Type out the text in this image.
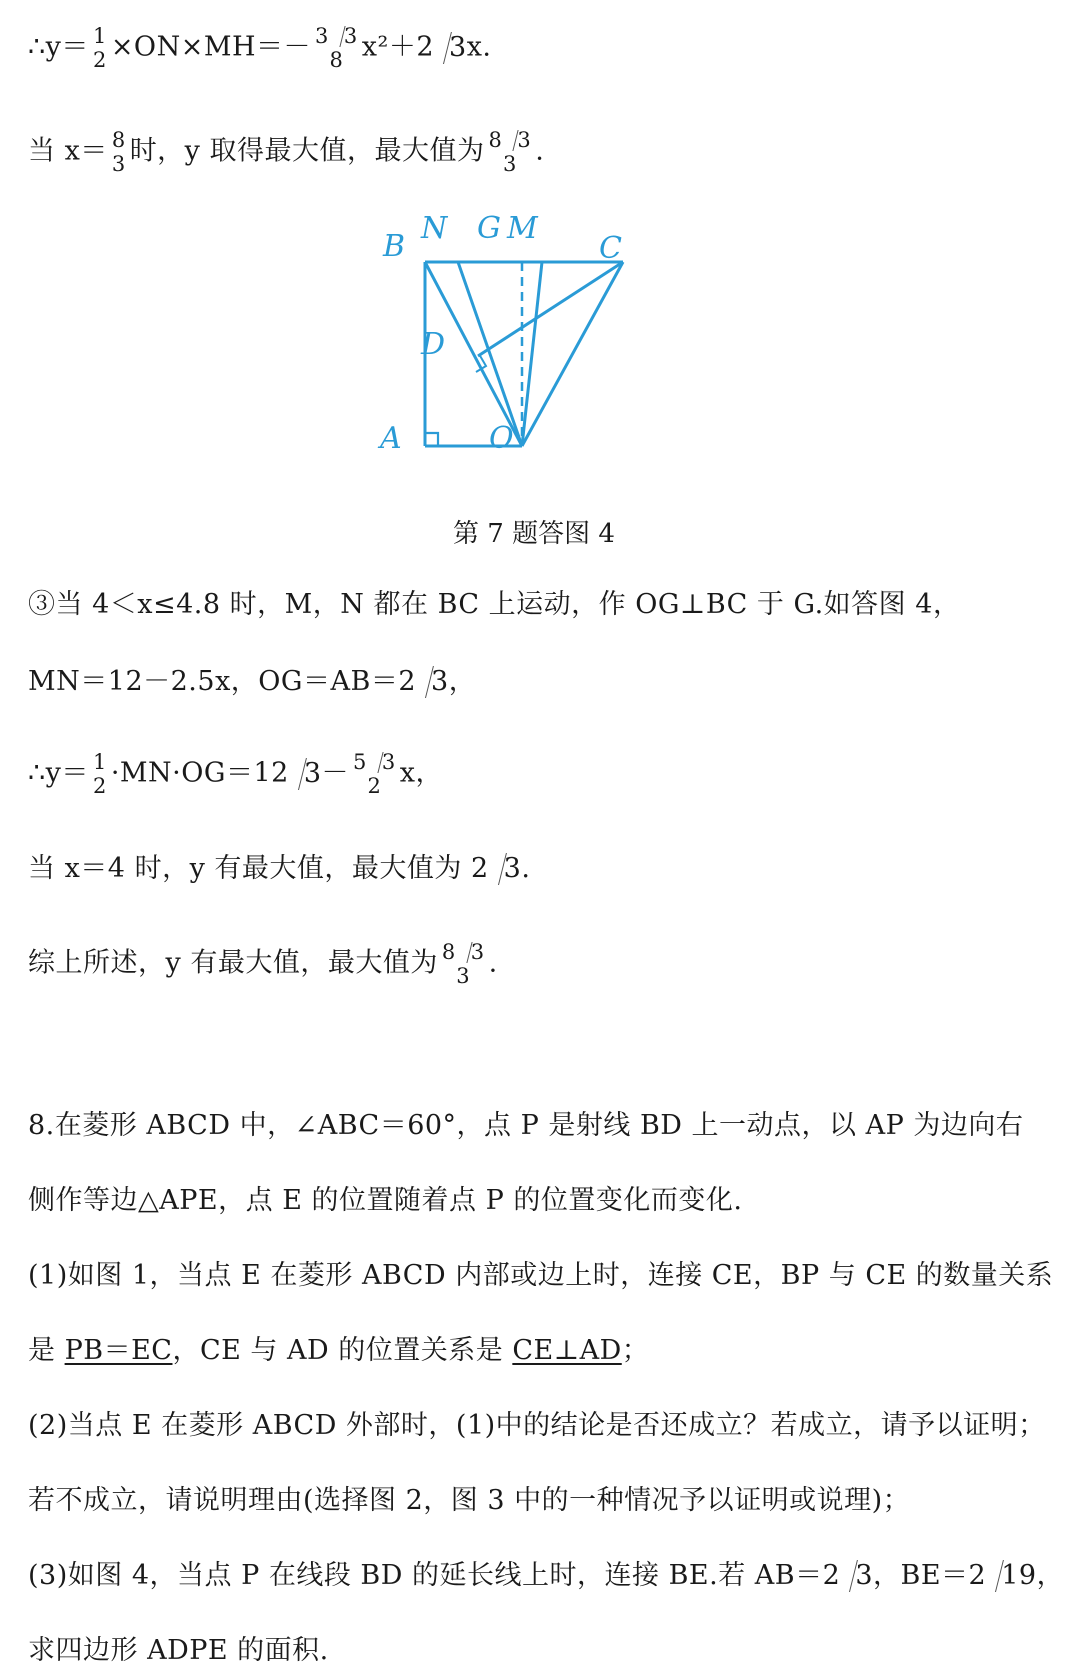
∴y＝ 1
2 ×ON×MH＝－ 3 3
8 x²＋2 3x.
当 x＝ 8
3 时，y 取得最大值，最大值为 8 3
3 .
B
N G M
C
D
A	O
第 7 题答图 4
③当 4＜x≤4.8 时，M，N 都在 BC 上运动，作 OG⊥BC 于 G.如答图 4，
MN＝12－2.5x，OG＝AB＝2 3，
∴y＝ 1
2 ·MN·OG＝12 3－ 5 3
2 x，
当 x＝4 时，y 有最大值，最大值为 2 3.
综上所述，y 有最大值，最大值为 8 3
3 .
8.在菱形 ABCD 中，∠ABC＝60°，点 P 是射线 BD 上一动点，以 AP 为边向右
侧作等边△APE，点 E 的位置随着点 P 的位置变化而变化.
(1)如图 1，当点 E 在菱形 ABCD 内部或边上时，连接 CE，BP 与 CE 的数量关系
是 PB＝EC，CE 与 AD 的位置关系是 CE⊥AD；
(2)当点 E 在菱形 ABCD 外部时，(1)中的结论是否还成立？若成立，请予以证明；
若不成立，请说明理由(选择图 2，图 3 中的一种情况予以证明或说理)；
(3)如图 4，当点 P 在线段 BD 的延长线上时，连接 BE.若 AB＝2 3，BE＝2 19，
求四边形 ADPE 的面积.
